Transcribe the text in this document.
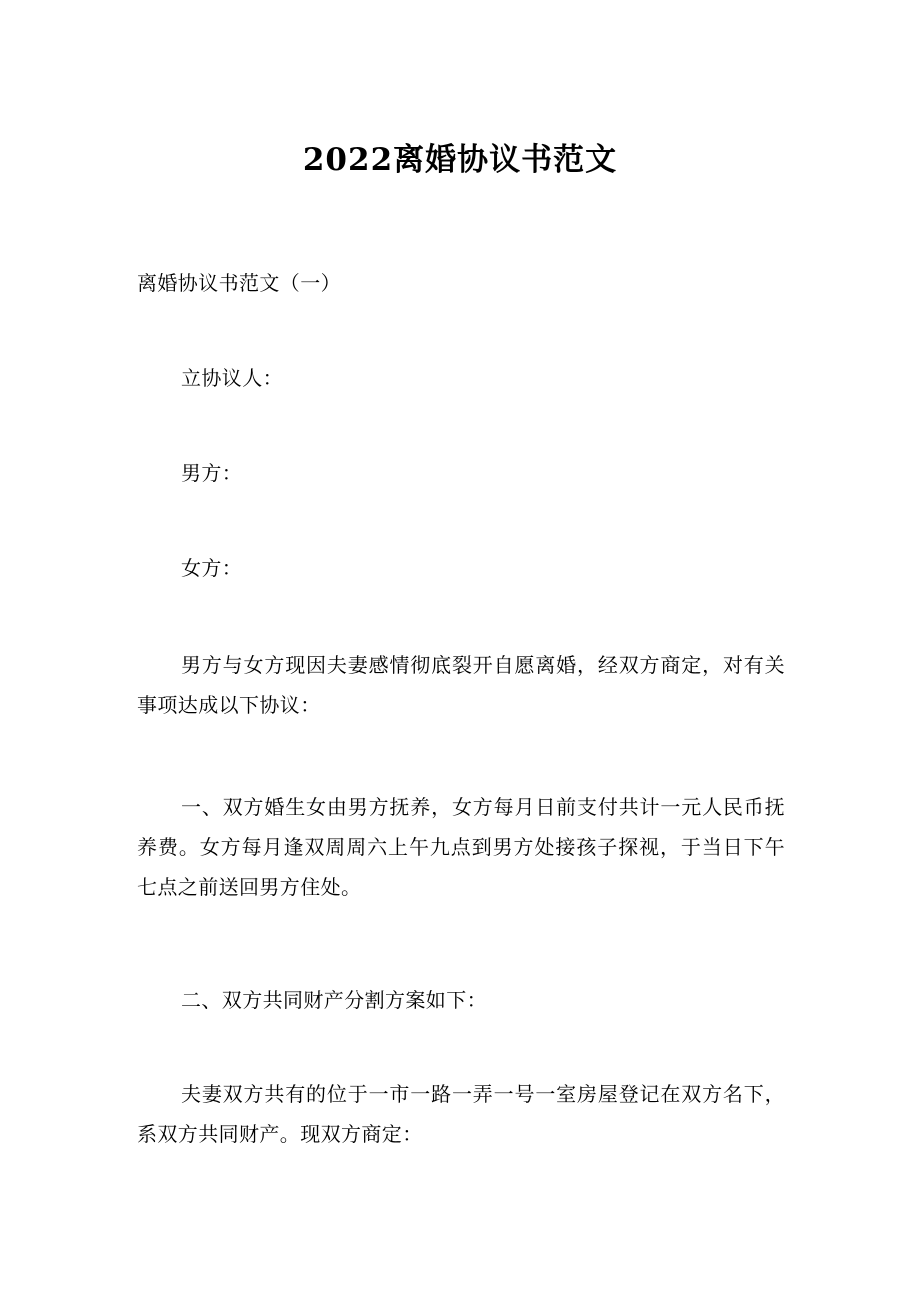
2022离婚协议书范文
离婚协议书范文（一）
立协议人：
男方：
女方：
男方与女方现因夫妻感情彻底裂开自愿离婚，经双方商定，对有关事项达成以下协议：
一、双方婚生女由男方抚养，女方每月日前支付共计一元人民币抚养费。女方每月逢双周周六上午九点到男方处接孩子探视，于当日下午七点之前送回男方住处。
二、双方共同财产分割方案如下：
夫妻双方共有的位于一市一路一弄一号一室房屋登记在双方名下，系双方共同财产。现双方商定：
